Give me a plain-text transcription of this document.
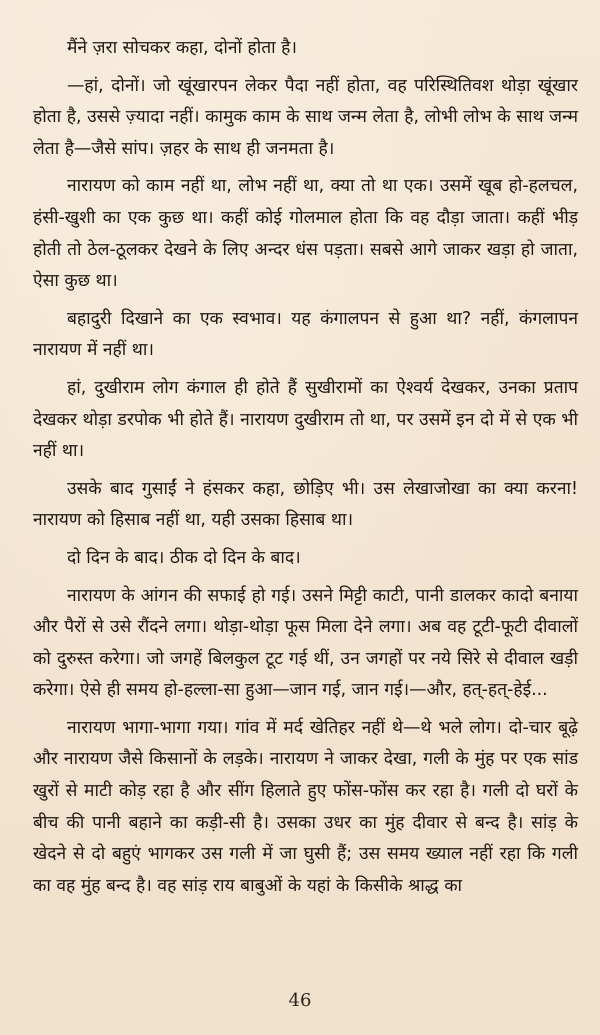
मैंने ज़रा सोचकर कहा, दोनों होता है।

—हां, दोनों। जो खूंखारपन लेकर पैदा नहीं होता, वह परिस्थितिवश थोड़ा खूंखार होता है, उससे ज़्यादा नहीं। कामुक काम के साथ जन्म लेता है, लोभी लोभ के साथ जन्म लेता है—जैसे सांप। ज़हर के साथ ही जनमता है।

नारायण को काम नहीं था, लोभ नहीं था, क्या तो था एक। उसमें खूब हो-हलचल, हंसी-खुशी का एक कुछ था। कहीं कोई गोलमाल होता कि वह दौड़ा जाता। कहीं भीड़ होती तो ठेल-ठूलकर देखने के लिए अन्दर धंस पड़ता। सबसे आगे जाकर खड़ा हो जाता, ऐसा कुछ था।

बहादुरी दिखाने का एक स्वभाव। यह कंगालपन से हुआ था? नहीं, कंगलापन नारायण में नहीं था।

हां, दुखीराम लोग कंगाल ही होते हैं सुखीरामों का ऐश्वर्य देखकर, उनका प्रताप देखकर थोड़ा डरपोक भी होते हैं। नारायण दुखीराम तो था, पर उसमें इन दो में से एक भी नहीं था।

उसके बाद गुसाईं ने हंसकर कहा, छोड़िए भी। उस लेखाजोखा का क्या करना! नारायण को हिसाब नहीं था, यही उसका हिसाब था।

दो दिन के बाद। ठीक दो दिन के बाद।

नारायण के आंगन की सफाई हो गई। उसने मिट्टी काटी, पानी डालकर कादो बनाया और पैरों से उसे रौंदने लगा। थोड़ा-थोड़ा फूस मिला देने लगा। अब वह टूटी-फूटी दीवालों को दुरुस्त करेगा। जो जगहें बिलकुल टूट गई थीं, उन जगहों पर नये सिरे से दीवाल खड़ी करेगा। ऐसे ही समय हो-हल्ला-सा हुआ—जान गई, जान गई।—और, हत्-हत्-हेई...

नारायण भागा-भागा गया। गांव में मर्द खेतिहर नहीं थे—थे भले लोग। दो-चार बूढ़े और नारायण जैसे किसानों के लड़के। नारायण ने जाकर देखा, गली के मुंह पर एक सांड खुरों से माटी कोड़ रहा है और सींग हिलाते हुए फोंस-फोंस कर रहा है। गली दो घरों के बीच की पानी बहाने का कड़ी-सी है। उसका उधर का मुंह दीवार से बन्द है। सांड़ के खेदने से दो बहुएं भागकर उस गली में जा घुसी हैं; उस समय ख्याल नहीं रहा कि गली का वह मुंह बन्द है। वह सांड़ राय बाबुओं के यहां के किसीके श्राद्ध का

46
